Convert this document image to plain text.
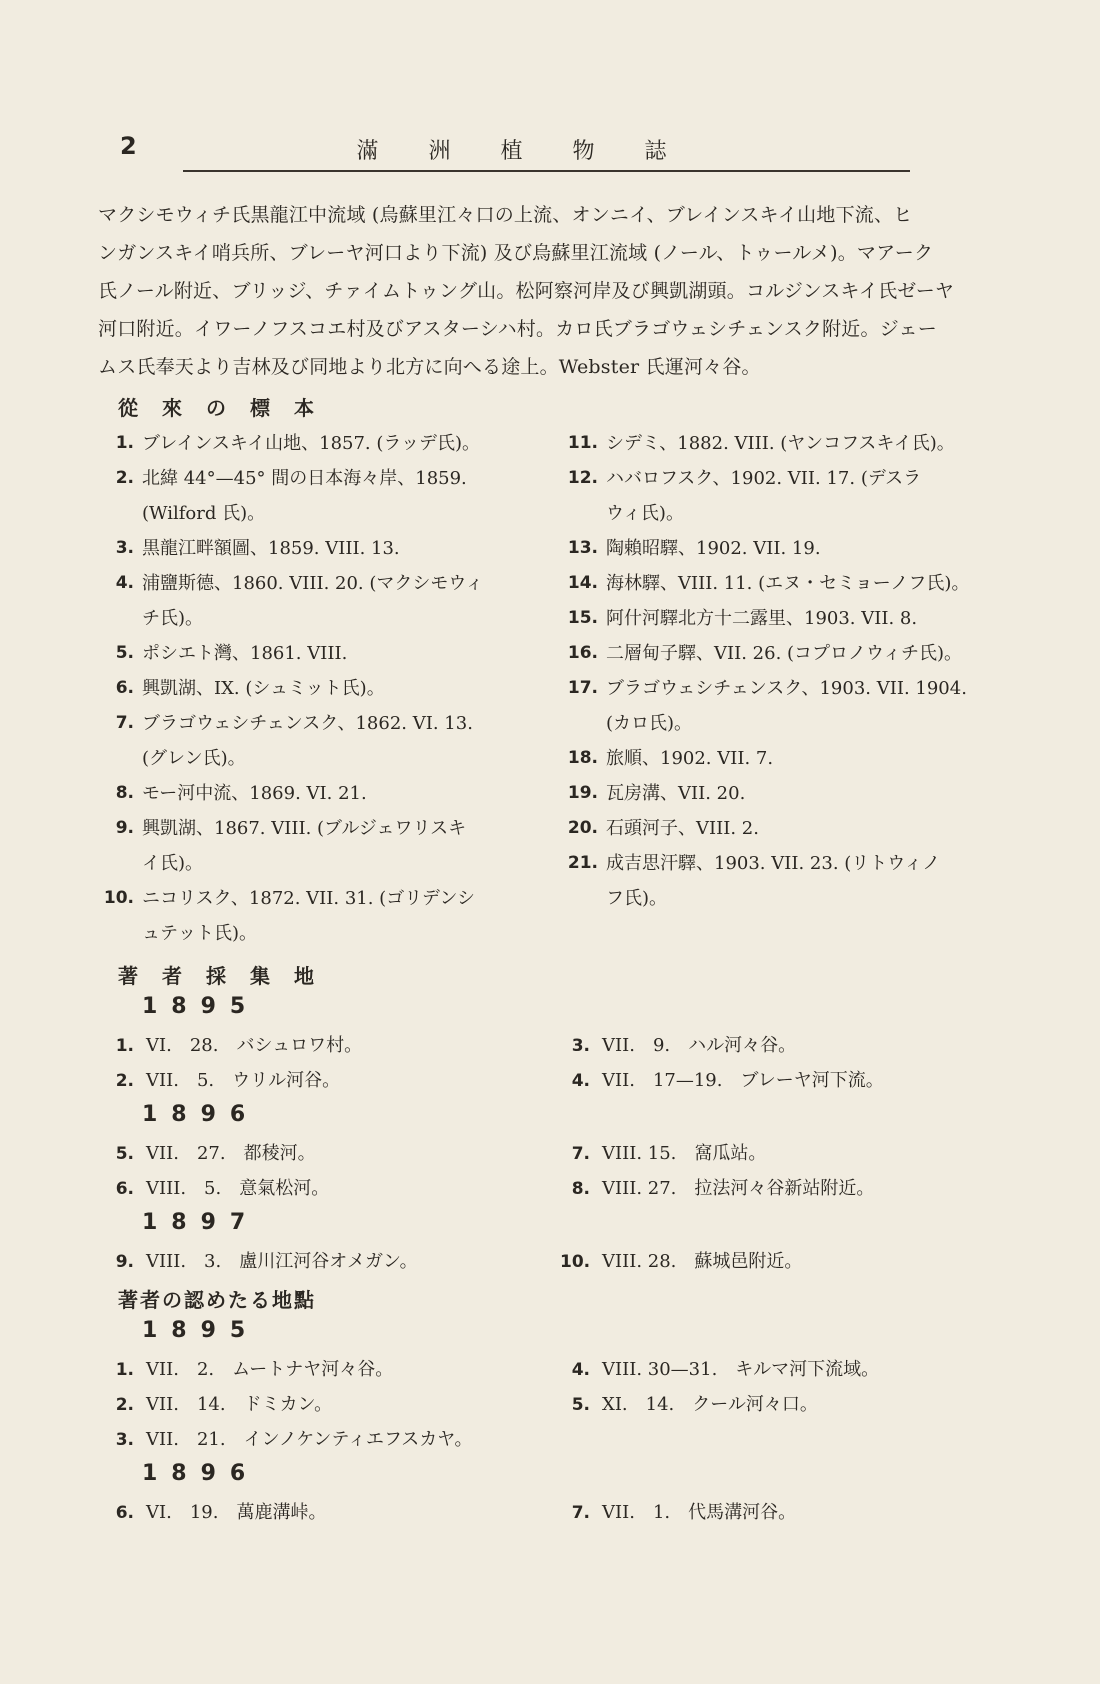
2	滿　　洲　　植　　物　　誌
マクシモウィチ氏黒龍江中流域 (烏蘇里江々口の上流、オンニイ、ブレインスキイ山地下流、ヒ
ンガンスキイ哨兵所、ブレーヤ河口より下流) 及び烏蘇里江流域 (ノール、トゥールメ)。マアーク
氏ノール附近、ブリッジ、チァイムトゥング山。松阿察河岸及び興凱湖頭。コルジンスキイ氏ゼーヤ
河口附近。イワーノフスコエ村及びアスターシハ村。カロ氏ブラゴウェシチェンスク附近。ジェー
ムス氏奉天より吉林及び同地より北方に向へる途上。Webster 氏運河々谷。
從　來　の　標　本
1. ブレインスキイ山地、1857. (ラッデ氏)。
2. 北緯 44°—45° 間の日本海々岸、1859.
(Wilford 氏)。
3. 黒龍江畔額圖、1859. VIII. 13.
4. 浦鹽斯德、1860. VIII. 20. (マクシモウィ
チ氏)。
5. ポシエト灣、1861. VIII.
6. 興凱湖、IX. (シュミット氏)。
7. ブラゴウェシチェンスク、1862. VI. 13.
(グレン氏)。
8. モー河中流、1869. VI. 21.
9. 興凱湖、1867. VIII. (ブルジェワリスキ
イ氏)。
10. ニコリスク、1872. VII. 31. (ゴリデンシ
ュテット氏)。
11. シデミ、1882. VIII. (ヤンコフスキイ氏)。
12. ハバロフスク、1902. VII. 17. (デスラ
ウィ氏)。
13. 陶賴昭驛、1902. VII. 19.
14. 海林驛、VIII. 11. (エヌ・セミョーノフ氏)。
15. 阿什河驛北方十二露里、1903. VII. 8.
16. 二層甸子驛、VII. 26. (コプロノウィチ氏)。
17. ブラゴウェシチェンスク、1903. VII. 1904.
(カロ氏)。
18. 旅順、1902. VII. 7.
19. 瓦房溝、VII. 20.
20. 石頭河子、VIII. 2.
21. 成吉思汗驛、1903. VII. 23. (リトウィノ
フ氏)。
著　者　採　集　地
1895
1. VI.　28.　バシュロワ村。
2. VII.　5.　ウリル河谷。
3. VII.　9.　ハル河々谷。
4. VII.　17—19.　ブレーヤ河下流。
1896
5. VII.　27.　都稜河。
6. VIII.　5.　意氣松河。
7. VIII. 15.　窩瓜站。
8. VIII. 27.　拉法河々谷新站附近。
1897
9. VIII.　3.　盧川江河谷オメガン。	10. VIII. 28.　蘇城邑附近。
著者の認めたる地點
1895
1. VII.　2.　ムートナヤ河々谷。
2. VII.　14.　ドミカン。
3. VII.　21.　インノケンティエフスカヤ。
4. VIII. 30—31.　キルマ河下流域。
5. XI.　14.　クール河々口。
1896
6. VI.　19.　萬鹿溝峠。	7. VII.　1.　代馬溝河谷。
